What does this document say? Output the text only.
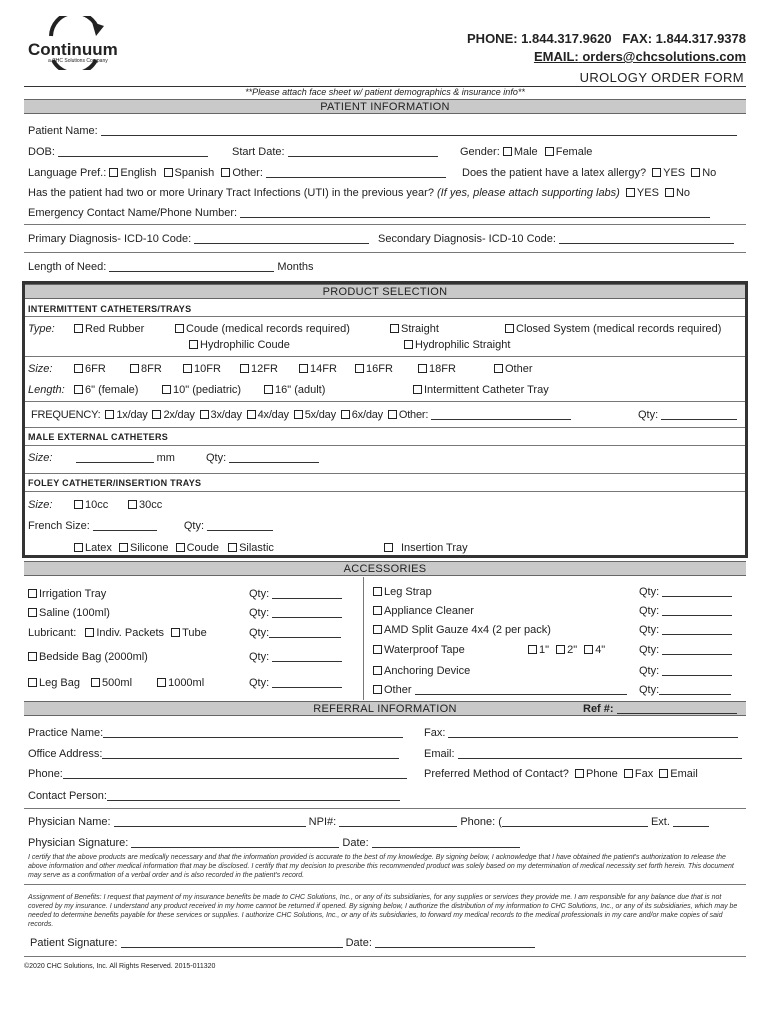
Continuum
a CHC Solutions Company
PHONE: 1.844.317.9620 FAX: 1.844.317.9378
EMAIL: orders@chcsolutions.com
UROLOGY ORDER FORM
**Please attach face sheet w/ patient demographics & insurance info**
PATIENT INFORMATION
Patient Name:
DOB:	Start Date:	Gender: Male Female
Language Pref.: English Spanish Other:	Does the patient have a latex allergy? YES No
Has the patient had two or more Urinary Tract Infections (UTI) in the previous year? (If yes, please attach supporting labs) YES No
Emergency Contact Name/Phone Number:
Primary Diagnosis- ICD-10 Code:	Secondary Diagnosis- ICD-10 Code:
Length of Need:	Months
PRODUCT SELECTION
INTERMITTENT CATHETERS/TRAYS
Type:	Red Rubber	Coude (medical records required)	Straight	Closed System (medical records required)
Hydrophilic Coude	Hydrophilic Straight
Size:	6FR	8FR	10FR	12FR	14FR	16FR	18FR	Other
Length:	6" (female)	10" (pediatric)	16" (adult)	Intermittent Catheter Tray
FREQUENCY: 1x/day 2x/day 3x/day 4x/day 5x/day 6x/day Other:	Qty:
MALE EXTERNAL CATHETERS
Size:	mm	Qty:
FOLEY CATHETER/INSERTION TRAYS
Size:	10cc	30cc
French Size:	Qty:
Latex Silicone Coude Silastic	Insertion Tray
ACCESSORIES
Irrigation Tray	Qty:
Saline (100ml)	Qty:
Lubricant: Indiv. Packets Tube	Qty:
Bedside Bag (2000ml)	Qty:
Leg Bag 500ml	1000ml	Qty:
Leg Strap	Qty:
Appliance Cleaner	Qty:
AMD Split Gauze 4x4 (2 per pack)	Qty:
Waterproof Tape	1" 2" 4"	Qty:
Anchoring Device	Qty:
Other	Qty:
REFERRAL INFORMATION	Ref #:
Practice Name:	Fax:
Office Address:	Email:
Phone:	Preferred Method of Contact? Phone Fax Email
Contact Person:
Physician Name:	NPI#:	Phone: (	Ext.
Physician Signature:	Date:
I certify that the above products are medically necessary and that the information provided is accurate to the best of my knowledge. By signing below, I acknowledge that I have obtained the patient's authorization to release the above information and other medical information that may be disclosed. I certify that my decision to prescribe this recommended product was solely based on my determination of medical necessity set forth herein. This document may serve as a confirmation of a verbal order and is also recorded in the patient's record.
Assignment of Benefits: I request that payment of my insurance benefits be made to CHC Solutions, Inc., or any of its subsidiaries, for any supplies or services they provide me. I am responsible for any balance due that is not covered by my insurance. I understand any product received in my home cannot be returned if opened. By signing below, I authorize the distribution of my information to CHC Solutions, Inc., or any of its subsidiaries, which may be needed to determine benefits payable for these services or supplies. I authorize CHC Solutions, Inc., or any of its subsidiaries, to forward my medical records to the medical professionals in my care and/or make copies of said records.
Patient Signature:	Date:
©2020 CHC Solutions, Inc. All Rights Reserved. 2015-011320
